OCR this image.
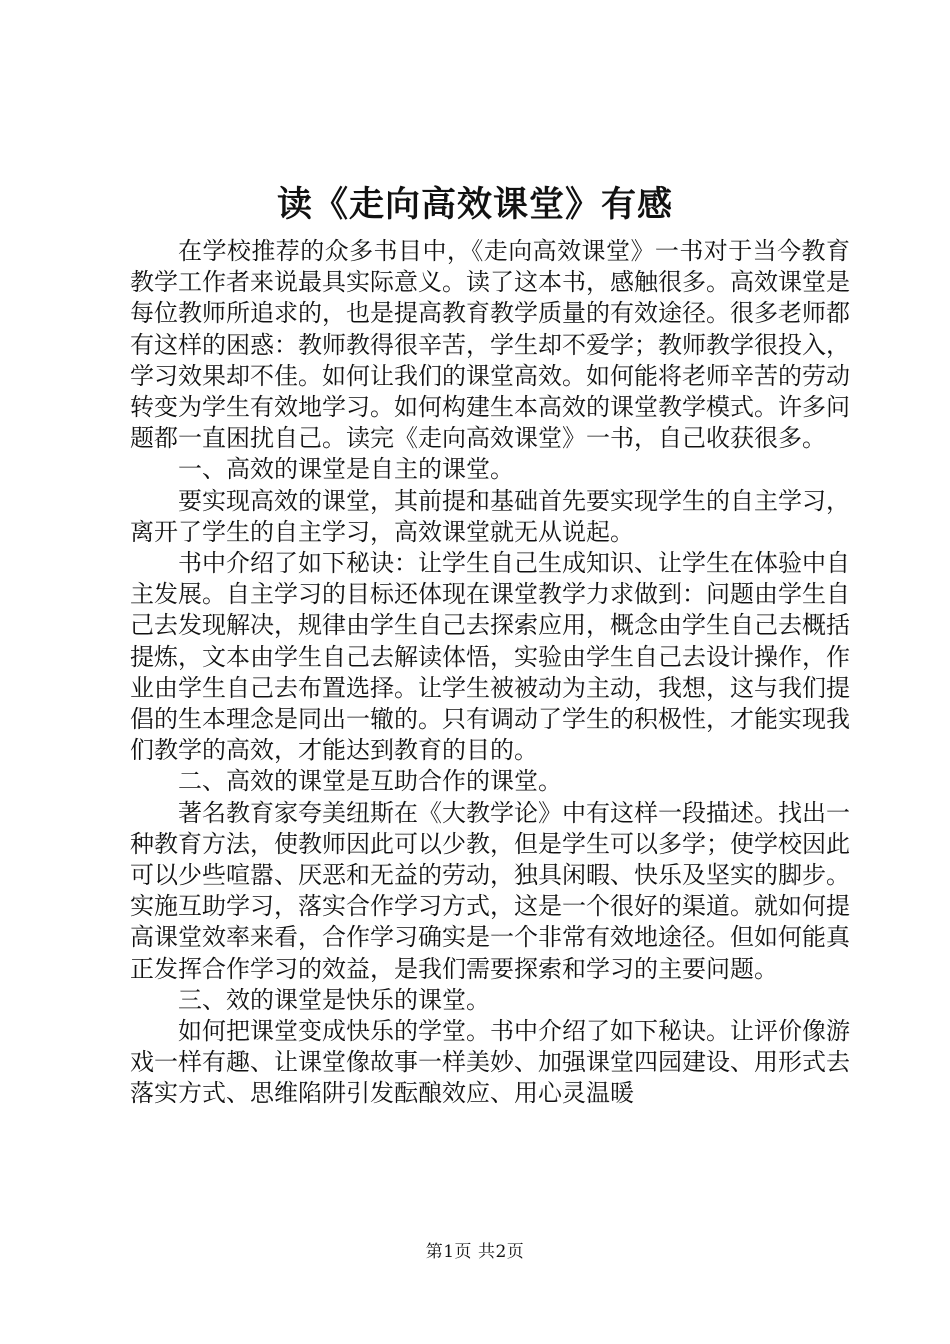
读《走向高效课堂》有感

在学校推荐的众多书目中，《走向高效课堂》一书对于当今教育教学工作者来说最具实际意义。读了这本书，感触很多。高效课堂是每位教师所追求的，也是提高教育教学质量的有效途径。很多老师都有这样的困惑：教师教得很辛苦，学生却不爱学；教师教学很投入，学习效果却不佳。如何让我们的课堂高效。如何能将老师辛苦的劳动转变为学生有效地学习。如何构建生本高效的课堂教学模式。许多问题都一直困扰自己。读完《走向高效课堂》一书，自己收获很多。

一、高效的课堂是自主的课堂。

要实现高效的课堂，其前提和基础首先要实现学生的自主学习，离开了学生的自主学习，高效课堂就无从说起。

书中介绍了如下秘诀：让学生自己生成知识、让学生在体验中自主发展。自主学习的目标还体现在课堂教学力求做到：问题由学生自己去发现解决，规律由学生自己去探索应用，概念由学生自己去概括提炼，文本由学生自己去解读体悟，实验由学生自己去设计操作，作业由学生自己去布置选择。让学生被被动为主动，我想，这与我们提倡的生本理念是同出一辙的。只有调动了学生的积极性，才能实现我们教学的高效，才能达到教育的目的。

二、高效的课堂是互助合作的课堂。

著名教育家夸美纽斯在《大教学论》中有这样一段描述。找出一种教育方法，使教师因此可以少教，但是学生可以多学；使学校因此可以少些喧嚣、厌恶和无益的劳动，独具闲暇、快乐及坚实的脚步。实施互助学习，落实合作学习方式，这是一个很好的渠道。就如何提高课堂效率来看，合作学习确实是一个非常有效地途径。但如何能真正发挥合作学习的效益，是我们需要探索和学习的主要问题。

三、效的课堂是快乐的课堂。

如何把课堂变成快乐的学堂。书中介绍了如下秘诀。让评价像游戏一样有趣、让课堂像故事一样美妙、加强课堂四园建设、用形式去落实方式、思维陷阱引发酝酿效应、用心灵温暖

第1页 共2页
